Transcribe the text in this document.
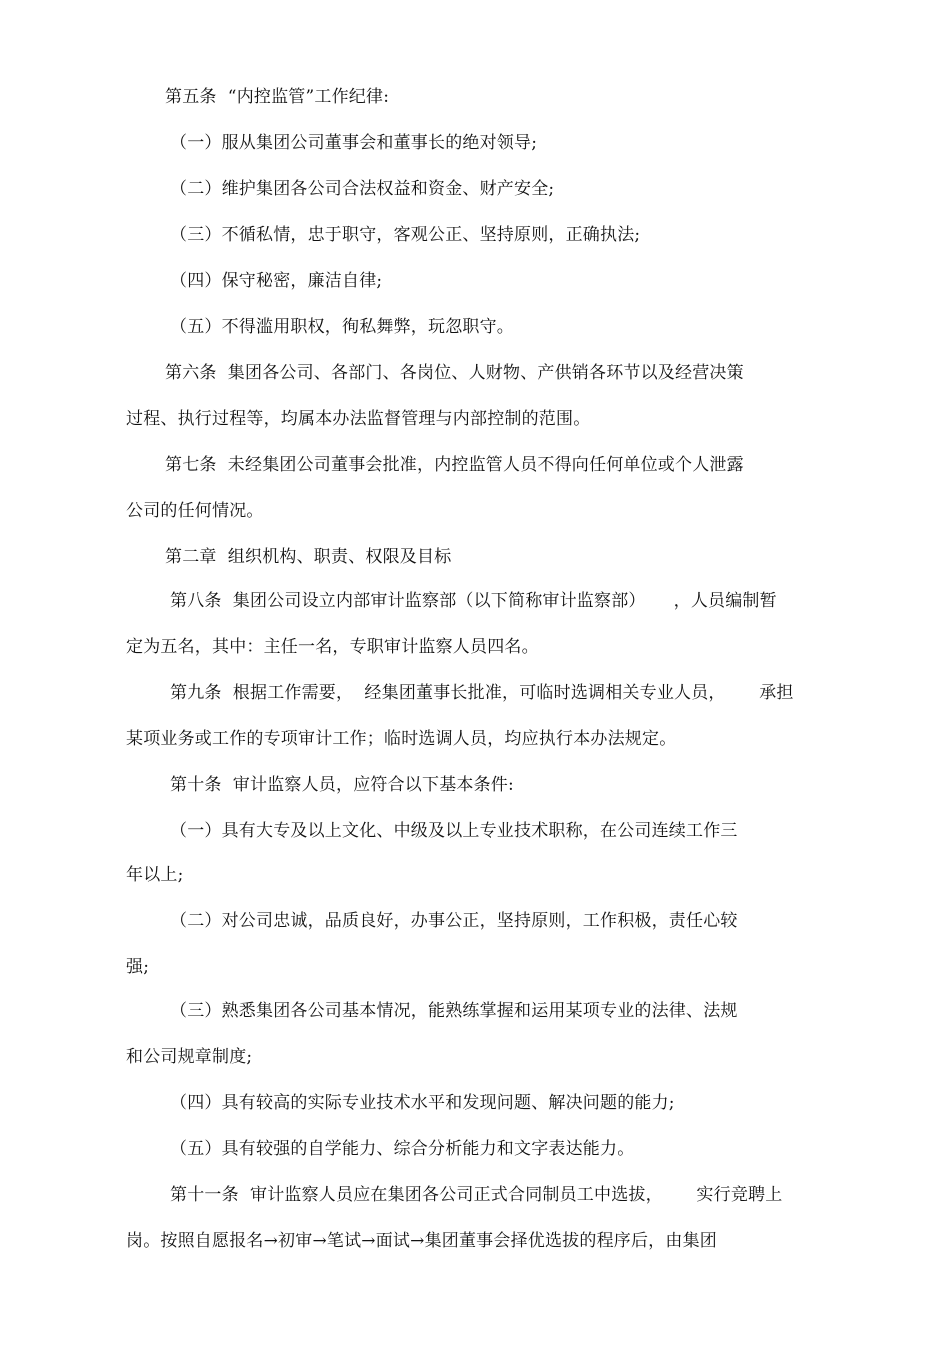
第五条  “内控监管”工作纪律:
（一）服从集团公司董事会和董事长的绝对领导;
（二）维护集团各公司合法权益和资金、财产安全;
（三）不循私情，忠于职守，客观公正、坚持原则，正确执法;
（四）保守秘密，廉洁自律;
（五）不得滥用职权，徇私舞弊，玩忽职守。
第六条  集团各公司、各部门、各岗位、人财物、产供销各环节以及经营决策
过程、执行过程等，均属本办法监督管理与内部控制的范围。
第七条  未经集团公司董事会批准，内控监管人员不得向任何单位或个人泄露
公司的任何情况。
第二章  组织机构、职责、权限及目标
第八条  集团公司设立内部审计监察部（以下简称审计监察部）     ，人员编制暂
定为五名，其中：主任一名，专职审计监察人员四名。
第九条  根据工作需要，  经集团董事长批准，可临时选调相关专业人员，      承担
某项业务或工作的专项审计工作；临时选调人员，均应执行本办法规定。
第十条  审计监察人员，应符合以下基本条件:
（一）具有大专及以上文化、中级及以上专业技术职称，在公司连续工作三
年以上;
（二）对公司忠诚，品质良好，办事公正，坚持原则，工作积极，责任心较
强;
（三）熟悉集团各公司基本情况，能熟练掌握和运用某项专业的法律、法规
和公司规章制度;
（四）具有较高的实际专业技术水平和发现问题、解决问题的能力;
（五）具有较强的自学能力、综合分析能力和文字表达能力。
第十一条  审计监察人员应在集团各公司正式合同制员工中选拔，      实行竞聘上
岗。按照自愿报名→初审→笔试→面试→集团董事会择优选拔的程序后，由集团
